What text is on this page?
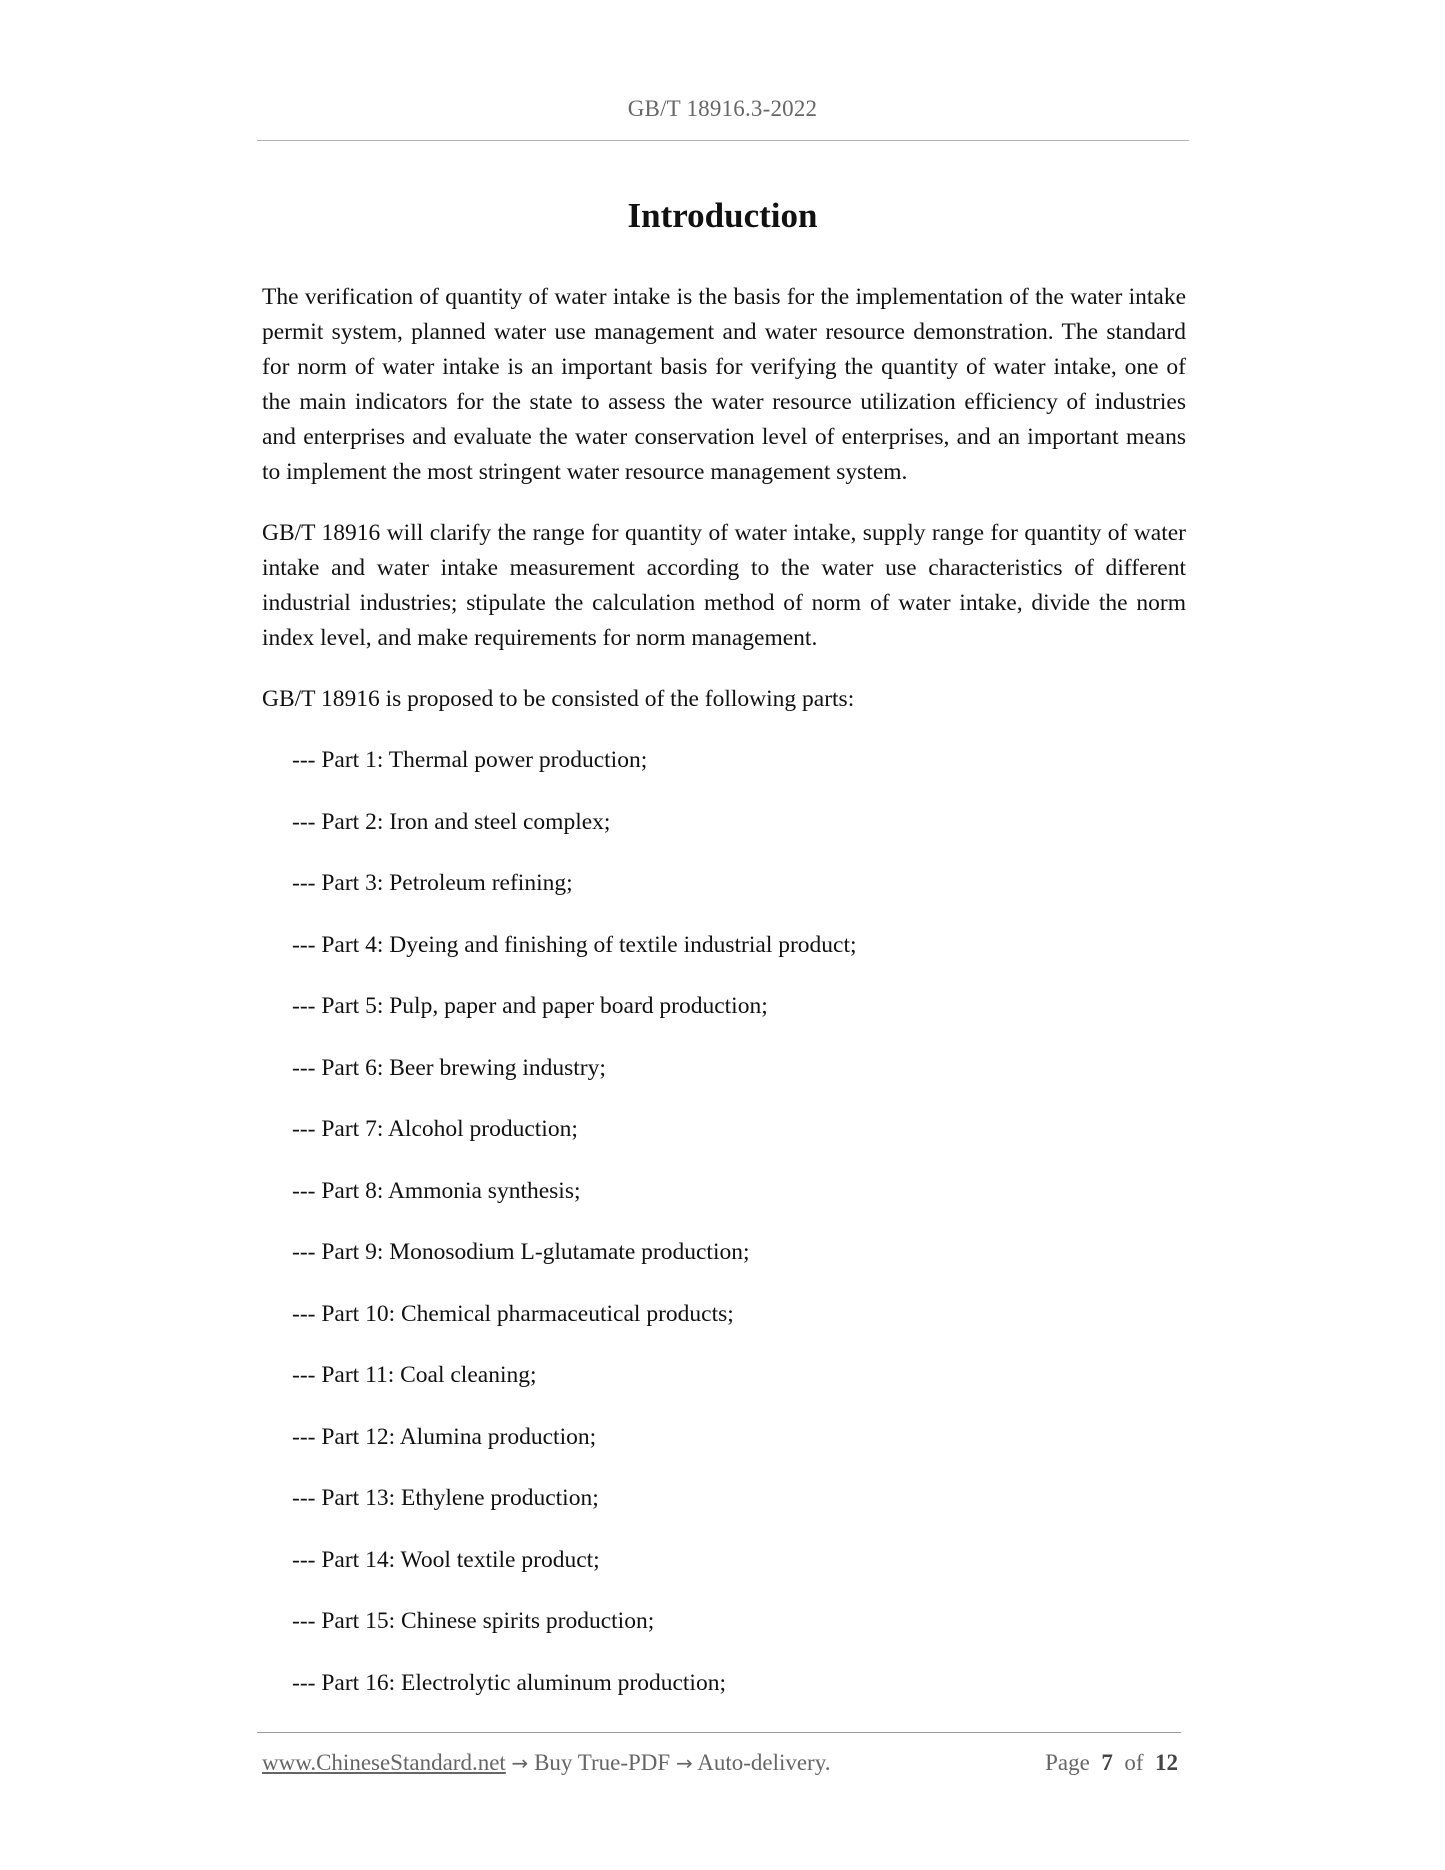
GB/T 18916.3-2022
Introduction

The verification of quantity of water intake is the basis for the implementation of the water intake permit system, planned water use management and water resource demonstration. The standard for norm of water intake is an important basis for verifying the quantity of water intake, one of the main indicators for the state to assess the water resource utilization efficiency of industries and enterprises and evaluate the water conservation level of enterprises, and an important means to implement the most stringent water resource management system.

GB/T 18916 will clarify the range for quantity of water intake, supply range for quantity of water intake and water intake measurement according to the water use characteristics of different industrial industries; stipulate the calculation method of norm of water intake, divide the norm index level, and make requirements for norm management.

GB/T 18916 is proposed to be consisted of the following parts:

--- Part 1: Thermal power production;
--- Part 2: Iron and steel complex;
--- Part 3: Petroleum refining;
--- Part 4: Dyeing and finishing of textile industrial product;
--- Part 5: Pulp, paper and paper board production;
--- Part 6: Beer brewing industry;
--- Part 7: Alcohol production;
--- Part 8: Ammonia synthesis;
--- Part 9: Monosodium L-glutamate production;
--- Part 10: Chemical pharmaceutical products;
--- Part 11: Coal cleaning;
--- Part 12: Alumina production;
--- Part 13: Ethylene production;
--- Part 14: Wool textile product;
--- Part 15: Chinese spirits production;
--- Part 16: Electrolytic aluminum production;
www.ChineseStandard.net → Buy True-PDF → Auto-delivery.	Page 7 of 12
